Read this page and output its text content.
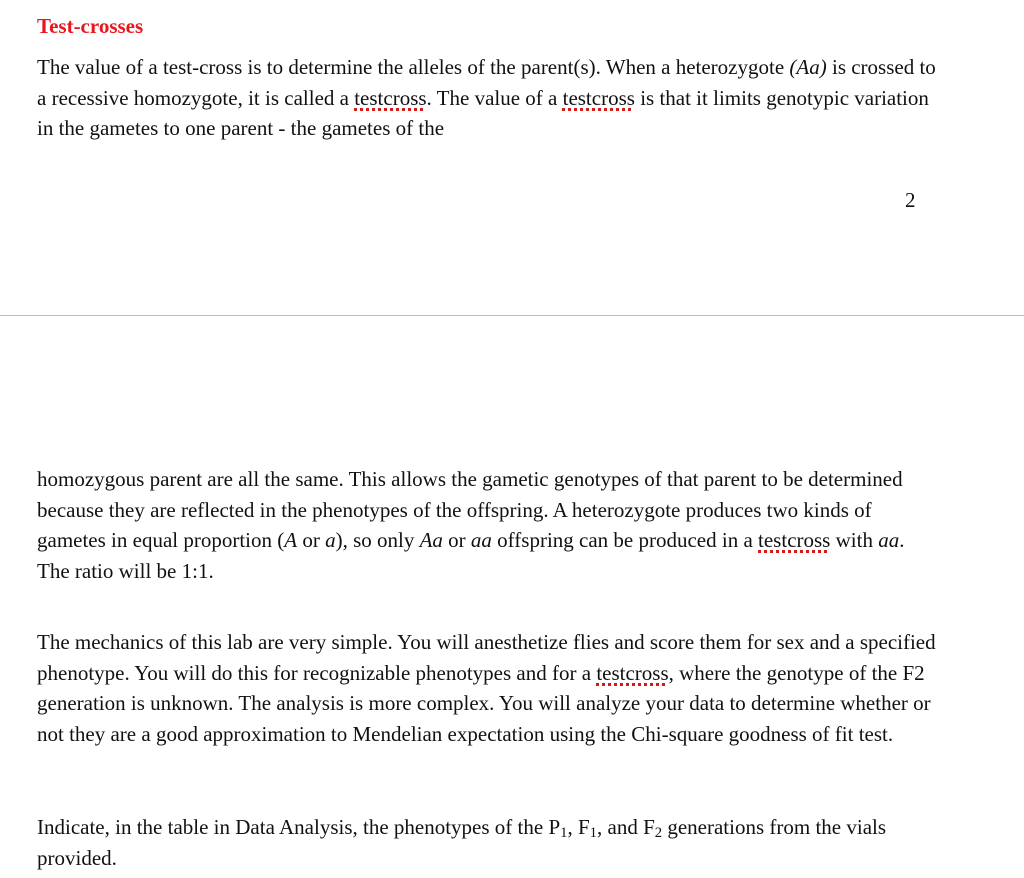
Test-crosses

The value of a test-cross is to determine the alleles of the parent(s). When a heterozygote (Aa) is crossed to a recessive homozygote, it is called a testcross. The value of a testcross is that it limits genotypic variation in the gametes to one parent - the gametes of the

2

homozygous parent are all the same. This allows the gametic genotypes of that parent to be determined because they are reflected in the phenotypes of the offspring. A heterozygote produces two kinds of gametes in equal proportion (A or a), so only Aa or aa offspring can be produced in a testcross with aa. The ratio will be 1:1.

The mechanics of this lab are very simple. You will anesthetize flies and score them for sex and a specified phenotype. You will do this for recognizable phenotypes and for a testcross, where the genotype of the F2 generation is unknown. The analysis is more complex. You will analyze your data to determine whether or not they are a good approximation to Mendelian expectation using the Chi-square goodness of fit test.

Indicate, in the table in Data Analysis, the phenotypes of the $P_1$, $F_1$, and $F_2$ generations from the vials provided.
